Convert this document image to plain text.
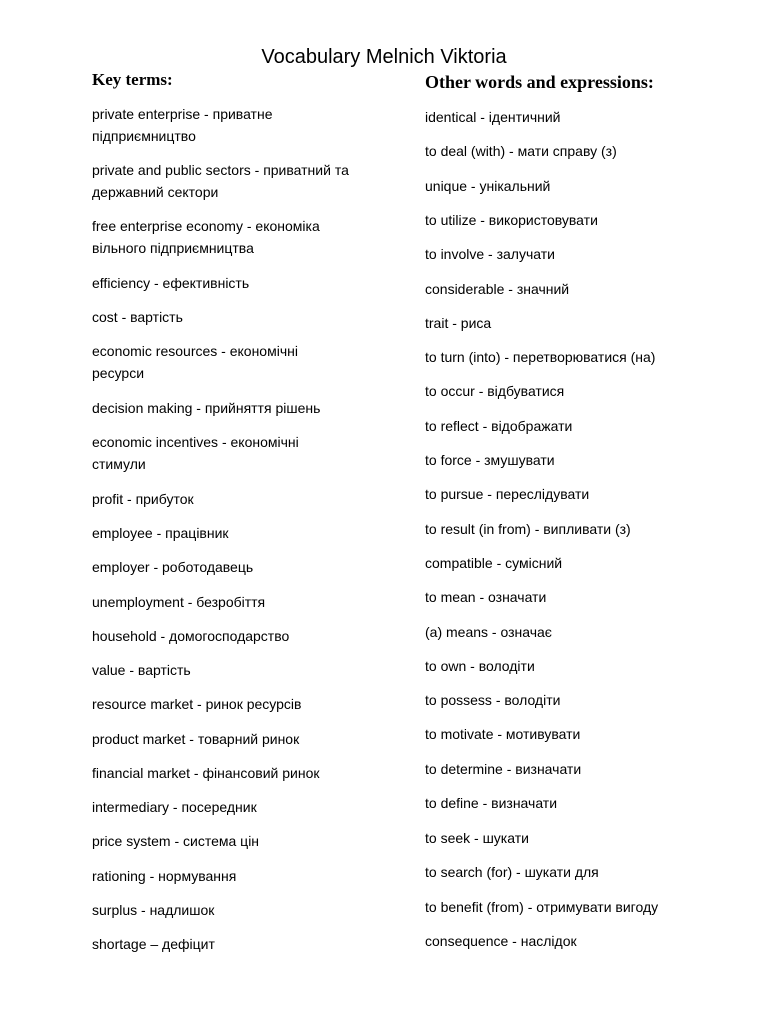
Vocabulary Melnich Viktoria
Key terms:	Other words and expressions:
private enterprise - приватне
підприємництво
private and public sectors - приватний та
державний сектори
free enterprise economy - економіка
вільного підприємництва
efficiency - ефективність
cost - вартість
economic resources - економічні
ресурси
decision making - прийняття рішень
economic incentives - економічні
стимули
profit - прибуток
employee - працівник
employer - роботодавець
unemployment - безробіття
household - домогосподарство
value - вартість
resource market - ринок ресурсів
product market - товарний ринок
financial market - фінансовий ринок
intermediary - посередник
price system - система цін
rationing - нормування
surplus - надлишок
shortage – дефіцит
identical - ідентичний
to deal (with) - мати справу (з)
unique - унікальний
to utilize - використовувати
to involve - залучати
considerable - значний
trait - риса
to turn (into) - перетворюватися (на)
to occur - відбуватися
to reflect - відображати
to force - змушувати
to pursue - переслідувати
to result (in from) - випливати (з)
compatible - сумісний
to mean - означати
(a) means - означає
to own - володіти
to possess - володіти
to motivate - мотивувати
to determine - визначати
to define - визначати
to seek - шукати
to search (for) - шукати для
to benefit (from) - отримувати вигоду
consequence - наслідок
